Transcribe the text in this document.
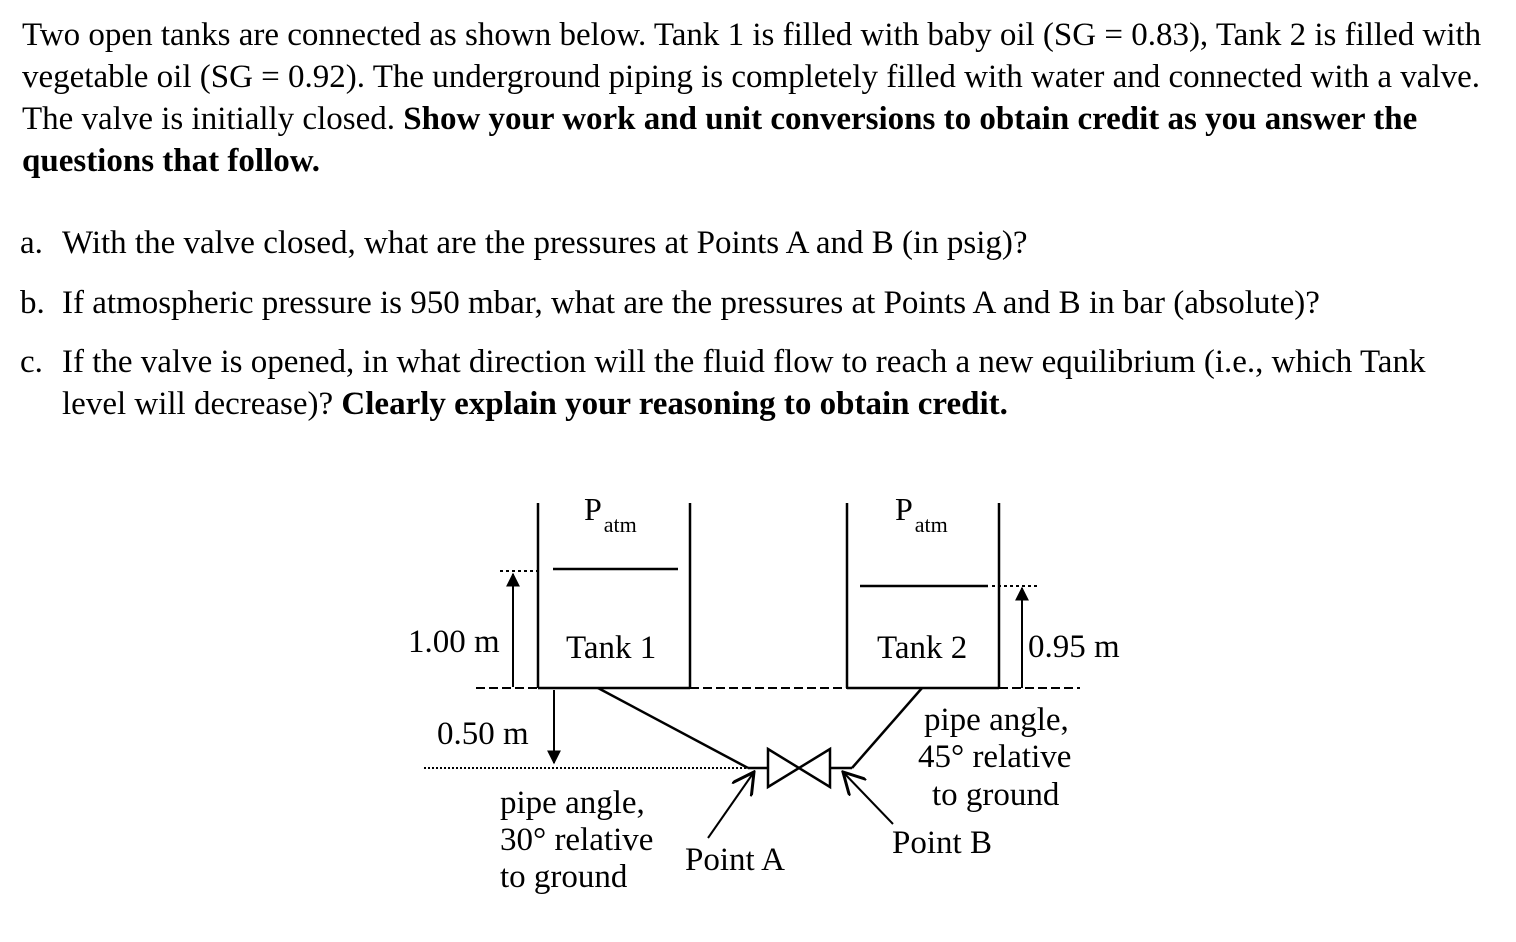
Two open tanks are connected as shown below. Tank 1 is filled with baby oil (SG = 0.83), Tank 2 is filled with vegetable oil (SG = 0.92). The underground piping is completely filled with water and connected with a valve. The valve is initially closed. Show your work and unit conversions to obtain credit as you answer the questions that follow.
a. With the valve closed, what are the pressures at Points A and B (in psig)?
b. If atmospheric pressure is 950 mbar, what are the pressures at Points A and B in bar (absolute)?
c. If the valve is opened, in what direction will the fluid flow to reach a new equilibrium (i.e., which Tank level will decrease)? Clearly explain your reasoning to obtain credit.
$P_{atm}$
Tank 1
$P_{atm}$
Tank 2
1.00 m	0.95 m
0.50 m
Point A	Point B
pipe angle,
30° relative
to ground
pipe angle,
45° relative
to ground
